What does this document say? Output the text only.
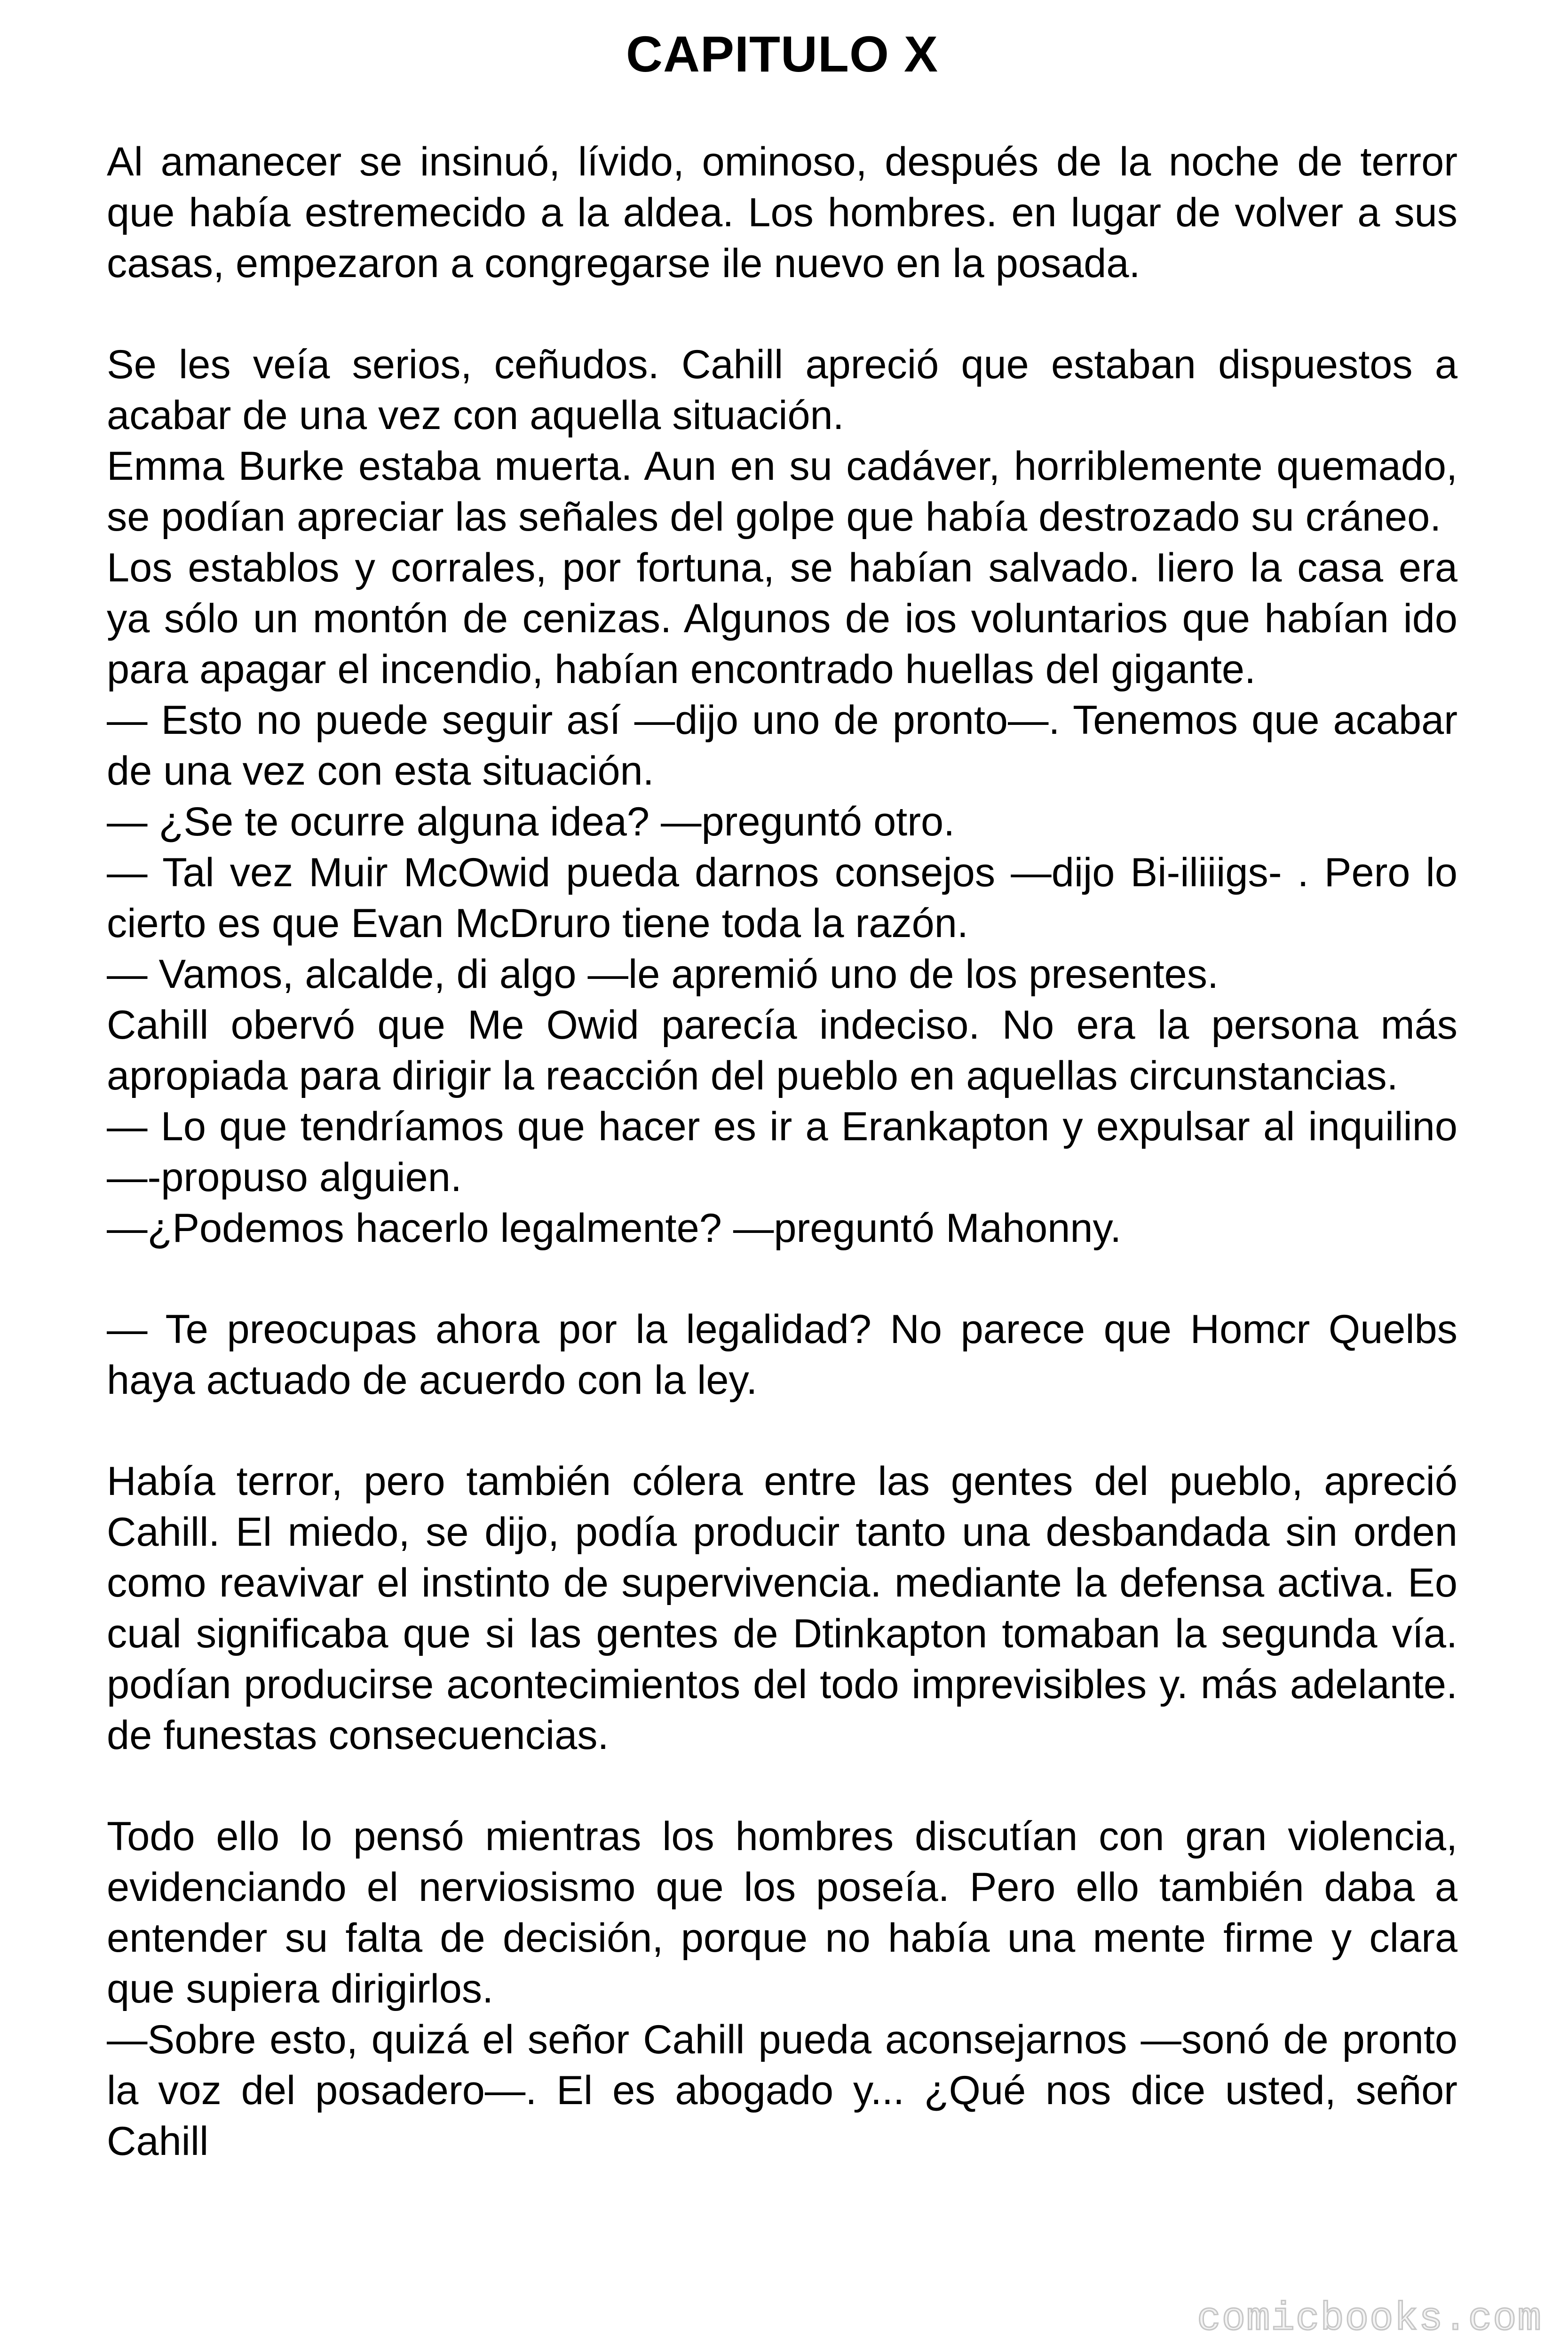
CAPITULO X

Al amanecer se insinuó, lívido, ominoso, después de la noche de terror que había estremecido a la aldea. Los hombres. en lugar de volver a sus casas, empezaron a congregarse ile nuevo en la posada.

Se les veía serios, ceñudos. Cahill apreció que estaban dispuestos a acabar de una vez con aquella situación.

Emma Burke estaba muerta. Aun en su cadáver, horriblemente quemado, se podían apreciar las señales del golpe que había destrozado su cráneo.

Los establos y corrales, por fortuna, se habían salvado. Iiero la casa era ya sólo un montón de cenizas. Algunos de ios voluntarios que habían ido para apagar el incendio, habían encontrado huellas del gigante.

— Esto no puede seguir así —dijo uno de pronto—. Tenemos que acabar de una vez con esta situación.

— ¿Se te ocurre alguna idea? —preguntó otro.

— Tal vez Muir McOwid pueda darnos consejos —dijo Bi-iliiigs- . Pero lo cierto es que Evan McDruro tiene toda la razón.

— Vamos, alcalde, di algo —le apremió uno de los presentes.

Cahill obervó que Me Owid parecía indeciso. No era la persona más apropiada para dirigir la reacción del pueblo en aquellas circunstancias.

— Lo que tendríamos que hacer es ir a Erankapton y expulsar al inquilino —-propuso alguien.

—¿Podemos hacerlo legalmente? —preguntó Mahonny.

— Te preocupas ahora por la legalidad? No parece que Homcr Quelbs haya actuado de acuerdo con la ley.

Había terror, pero también cólera entre las gentes del pueblo, apreció Cahill. El miedo, se dijo, podía producir tanto una desbandada sin orden como reavivar el instinto de supervivencia. mediante la defensa activa. Eo cual significaba que si las gentes de Dtinkapton tomaban la segunda vía. podían producirse acontecimientos del todo imprevisibles y. más adelante. de funestas consecuencias.

Todo ello lo pensó mientras los hombres discutían con gran violencia, evidenciando el nerviosismo que los poseía. Pero ello también daba a entender su falta de decisión, porque no había una mente firme y clara que supiera dirigirlos.

—Sobre esto, quizá el señor Cahill pueda aconsejarnos —sonó de pronto la voz del posadero—. El es abogado y... ¿Qué nos dice usted, señor Cahill

comicbooks.com
